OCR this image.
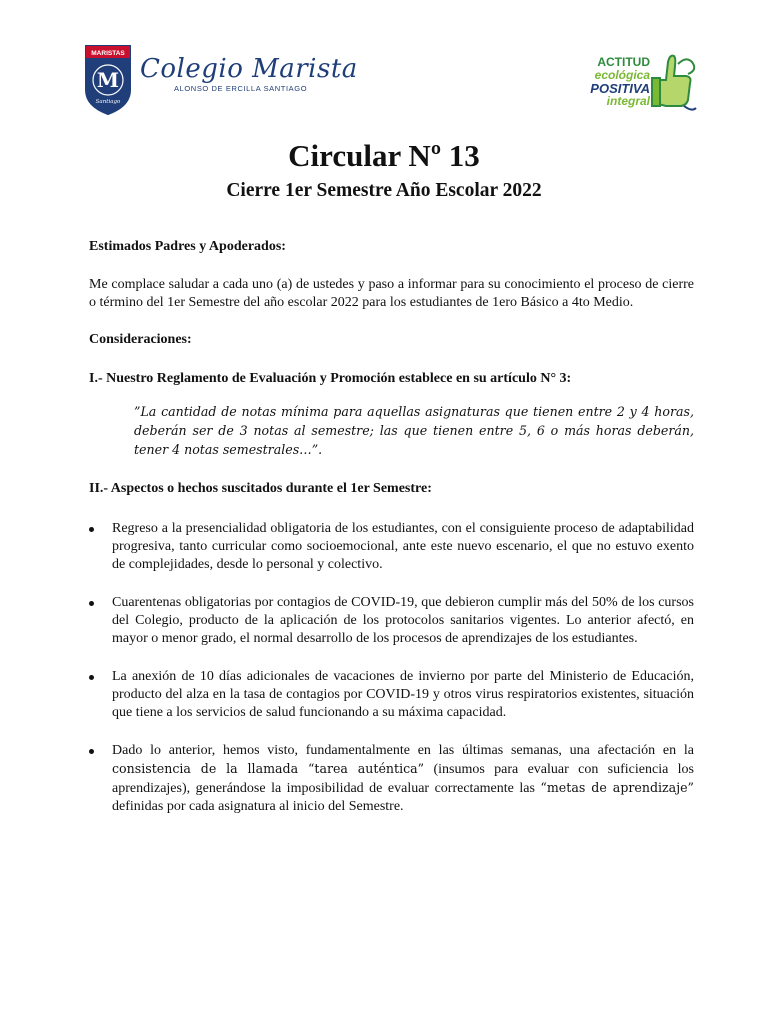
MARISTAS
M
Santiago
Colegio Marista
ALONSO DE ERCILLA SANTIAGO
ACTITUD
ecológica
POSITIVA
integral
Circular Nº 13
Cierre 1er Semestre Año Escolar 2022

Estimados Padres y Apoderados:

Me complace saludar a cada uno (a) de ustedes y paso a informar para su conocimiento el proceso de cierre o término del 1er Semestre del año escolar 2022 para los estudiantes de 1ero Básico a 4to Medio.

Consideraciones:

I.- Nuestro Reglamento de Evaluación y Promoción establece en su artículo N° 3:

”La cantidad de notas mínima para aquellas asignaturas que tienen entre 2 y 4 horas, deberán ser de 3 notas al semestre; las que tienen entre 5, 6 o más horas deberán, tener 4 notas semestrales…”.

II.- Aspectos o hechos suscitados durante el 1er Semestre:

Regreso a la presencialidad obligatoria de los estudiantes, con el consiguiente proceso de adaptabilidad progresiva, tanto curricular como socioemocional, ante este nuevo escenario, el que no estuvo exento de complejidades, desde lo personal y colectivo.
Cuarentenas obligatorias por contagios de COVID-19, que debieron cumplir más del 50% de los cursos del Colegio, producto de la aplicación de los protocolos sanitarios vigentes. Lo anterior afectó, en mayor o menor grado, el normal desarrollo de los procesos de aprendizajes de los estudiantes.
La anexión de 10 días adicionales de vacaciones de invierno por parte del Ministerio de Educación, producto del alza en la tasa de contagios por COVID-19 y otros virus respiratorios existentes, situación que tiene a los servicios de salud funcionando a su máxima capacidad.
Dado lo anterior, hemos visto, fundamentalmente en las últimas semanas, una afectación en la consistencia de la llamada “tarea auténtica” (insumos para evaluar con suficiencia los aprendizajes), generándose la imposibilidad de evaluar correctamente las “metas de aprendizaje” definidas por cada asignatura al inicio del Semestre.
